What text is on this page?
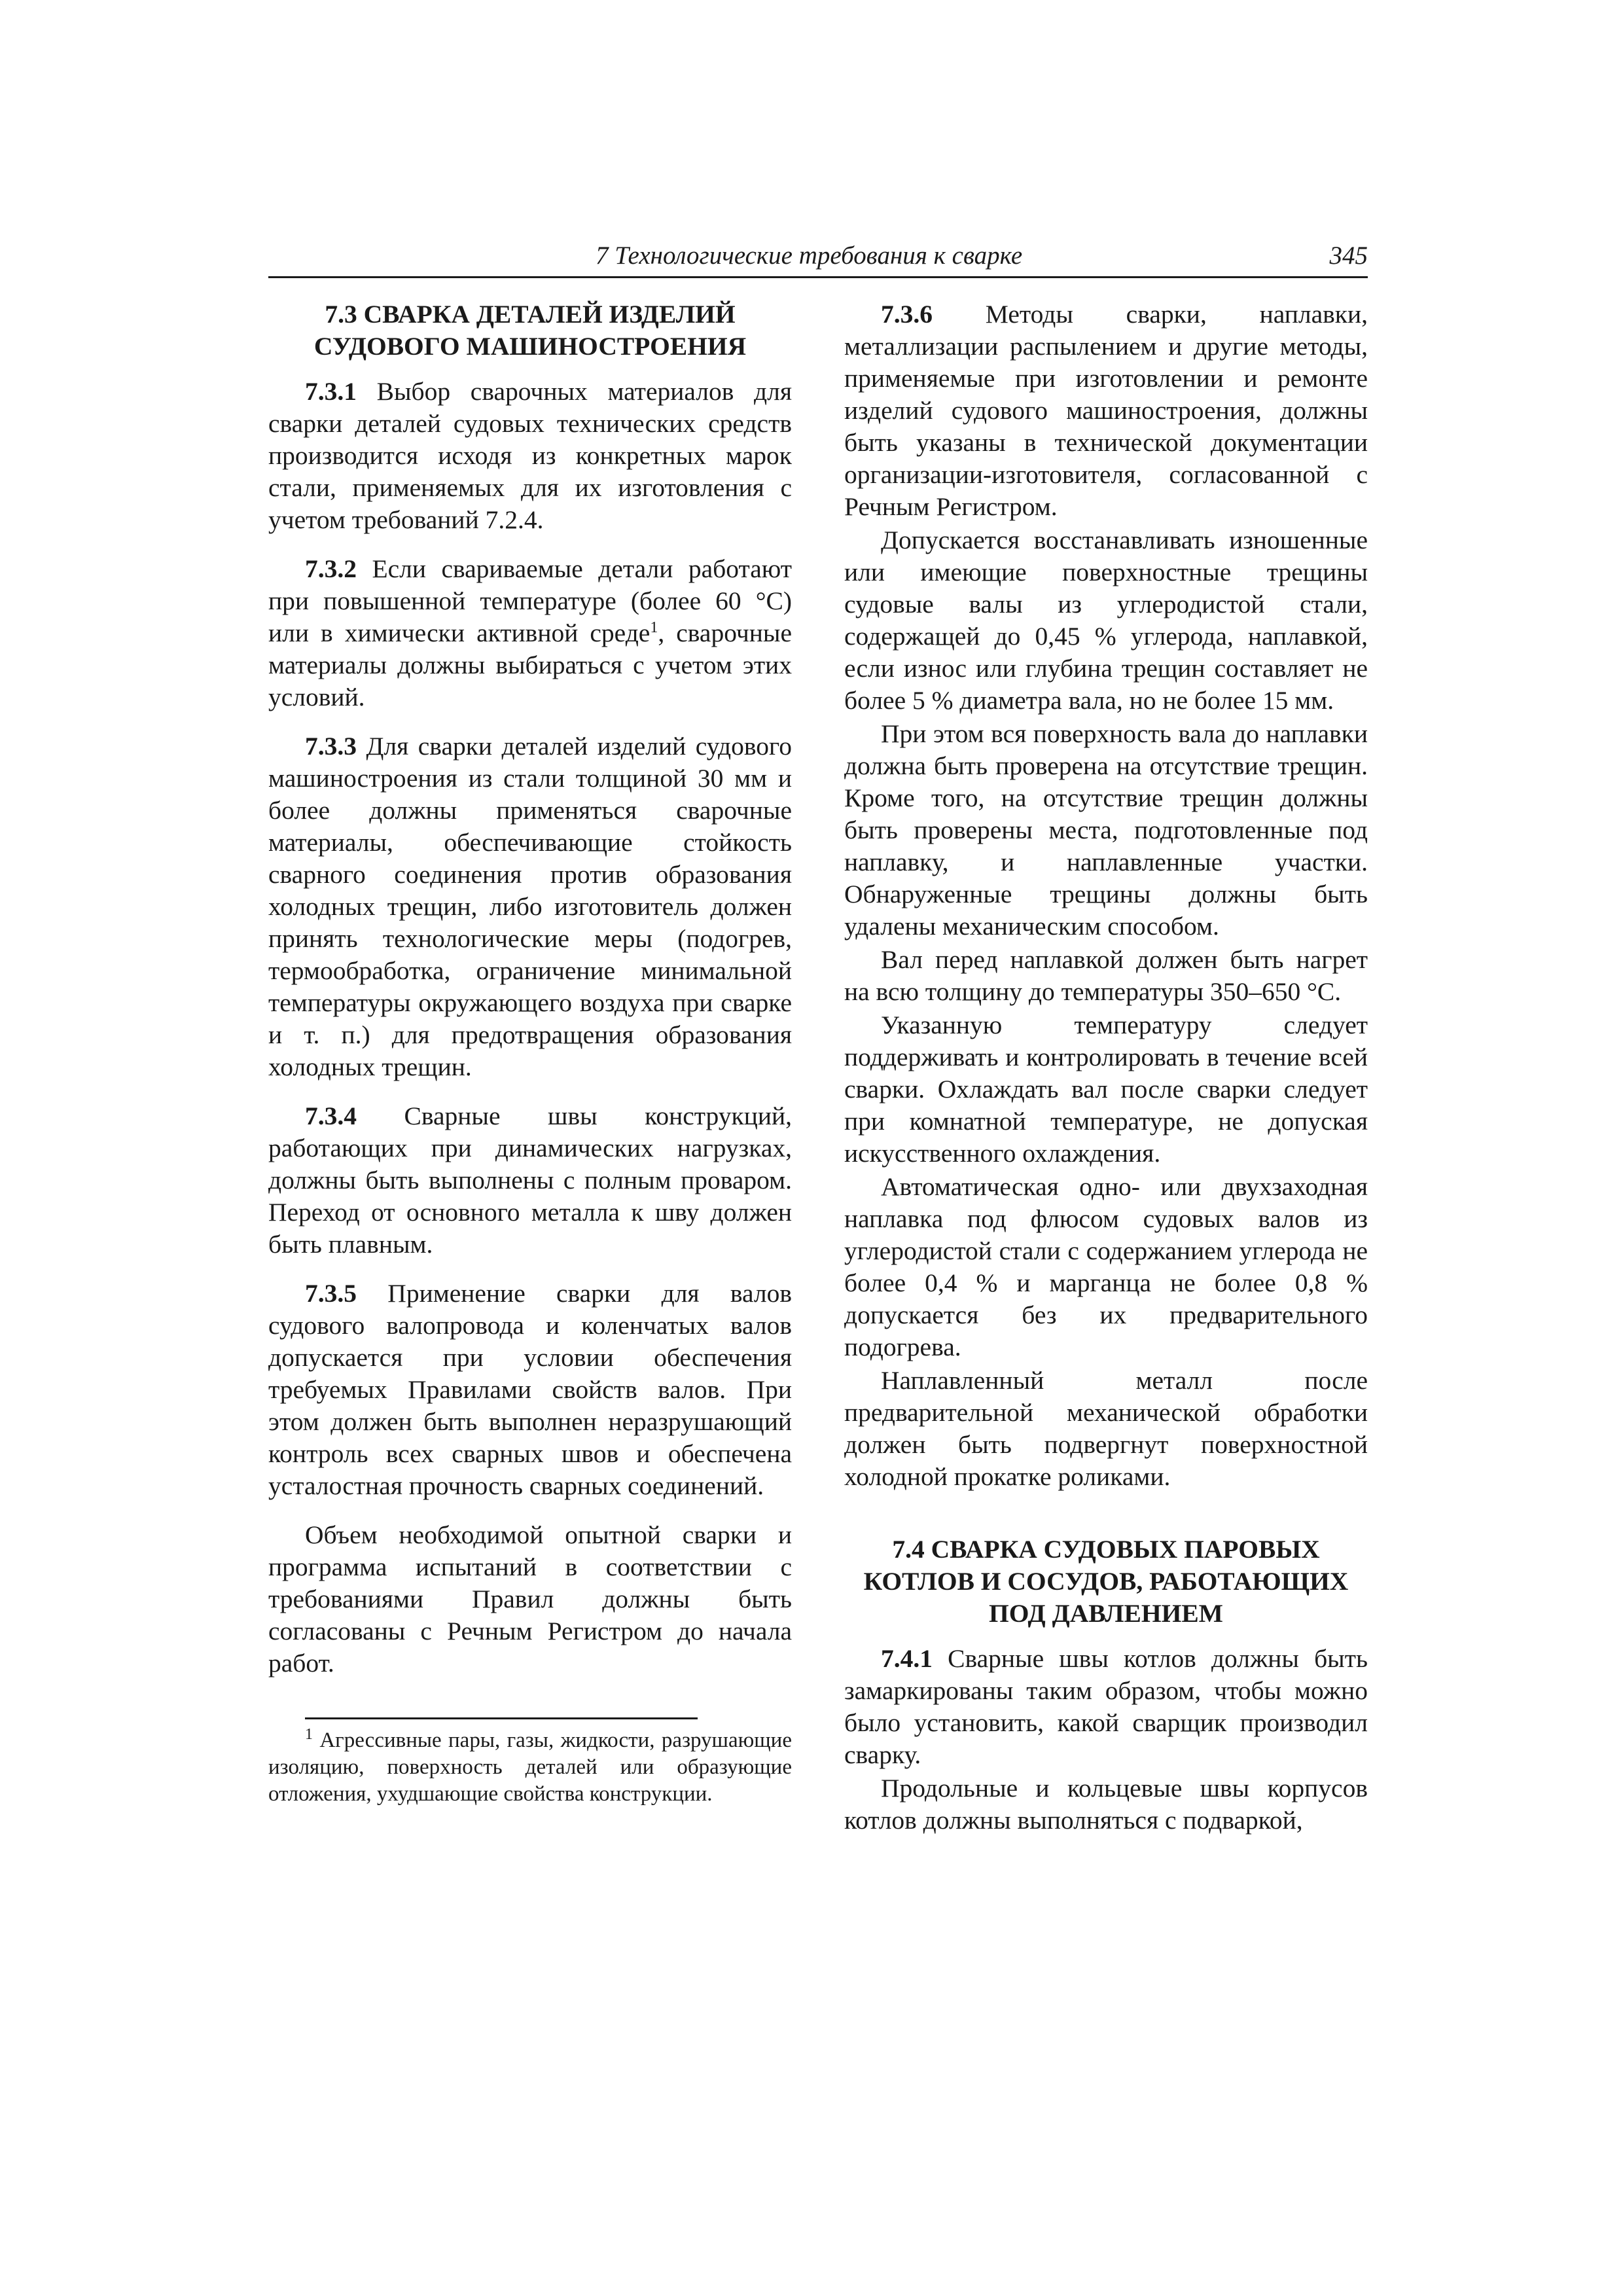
7 Технологические требования к сварке	345
7.3 СВАРКА ДЕТАЛЕЙ ИЗДЕЛИЙ СУДОВОГО МАШИНОСТРОЕНИЯ

7.3.1 Выбор сварочных материалов для сварки деталей судовых технических средств производится исходя из конкретных марок стали, применяемых для их изготовления с учетом требований 7.2.4.

7.3.2 Если свариваемые детали работают при повышенной температуре (более 60 °С) или в химически активной среде$^1$, сварочные материалы должны выбираться с учетом этих условий.

7.3.3 Для сварки деталей изделий судового машиностроения из стали толщиной 30 мм и более должны применяться сварочные материалы, обеспечивающие стойкость сварного соединения против образования холодных трещин, либо изготовитель должен принять технологические меры (подогрев, термообработка, ограничение минимальной температуры окружающего воздуха при сварке и т. п.) для предотвращения образования холодных трещин.

7.3.4 Сварные швы конструкций, работающих при динамических нагрузках, должны быть выполнены с полным проваром. Переход от основного металла к шву должен быть плавным.

7.3.5 Применение сварки для валов судового валопровода и коленчатых валов допускается при условии обеспечения требуемых Правилами свойств валов. При этом должен быть выполнен неразрушающий контроль всех сварных швов и обеспечена усталостная прочность сварных соединений.

Объем необходимой опытной сварки и программа испытаний в соответствии с требованиями Правил должны быть согласованы с Речным Регистром до начала работ.

$^1$ Агрессивные пары, газы, жидкости, разрушающие изоляцию, поверхность деталей или образующие отложения, ухудшающие свойства конструкции.

7.3.6 Методы сварки, наплавки, металлизации распылением и другие методы, применяемые при изготовлении и ремонте изделий судового машиностроения, должны быть указаны в технической документации организации-изготовителя, согласованной с Речным Регистром.

Допускается восстанавливать изношенные или имеющие поверхностные трещины судовые валы из углеродистой стали, содержащей до 0,45 % углерода, наплавкой, если износ или глубина трещин составляет не более 5 % диаметра вала, но не более 15 мм.

При этом вся поверхность вала до наплавки должна быть проверена на отсутствие трещин. Кроме того, на отсутствие трещин должны быть проверены места, подготовленные под наплавку, и наплавленные участки. Обнаруженные трещины должны быть удалены механическим способом.

Вал перед наплавкой должен быть нагрет на всю толщину до температуры 350–650 °С.

Указанную температуру следует поддерживать и контролировать в течение всей сварки. Охлаждать вал после сварки следует при комнатной температуре, не допуская искусственного охлаждения.

Автоматическая одно- или двухзаходная наплавка под флюсом судовых валов из углеродистой стали с содержанием углерода не более 0,4 % и марганца не более 0,8 % допускается без их предварительного подогрева.

Наплавленный металл после предварительной механической обработки должен быть подвергнут поверхностной холодной прокатке роликами.

7.4 СВАРКА СУДОВЫХ ПАРОВЫХ КОТЛОВ И СОСУДОВ, РАБОТАЮЩИХ ПОД ДАВЛЕНИЕМ

7.4.1 Сварные швы котлов должны быть замаркированы таким образом, чтобы можно было установить, какой сварщик производил сварку.

Продольные и кольцевые швы корпусов котлов должны выполняться с подваркой,
